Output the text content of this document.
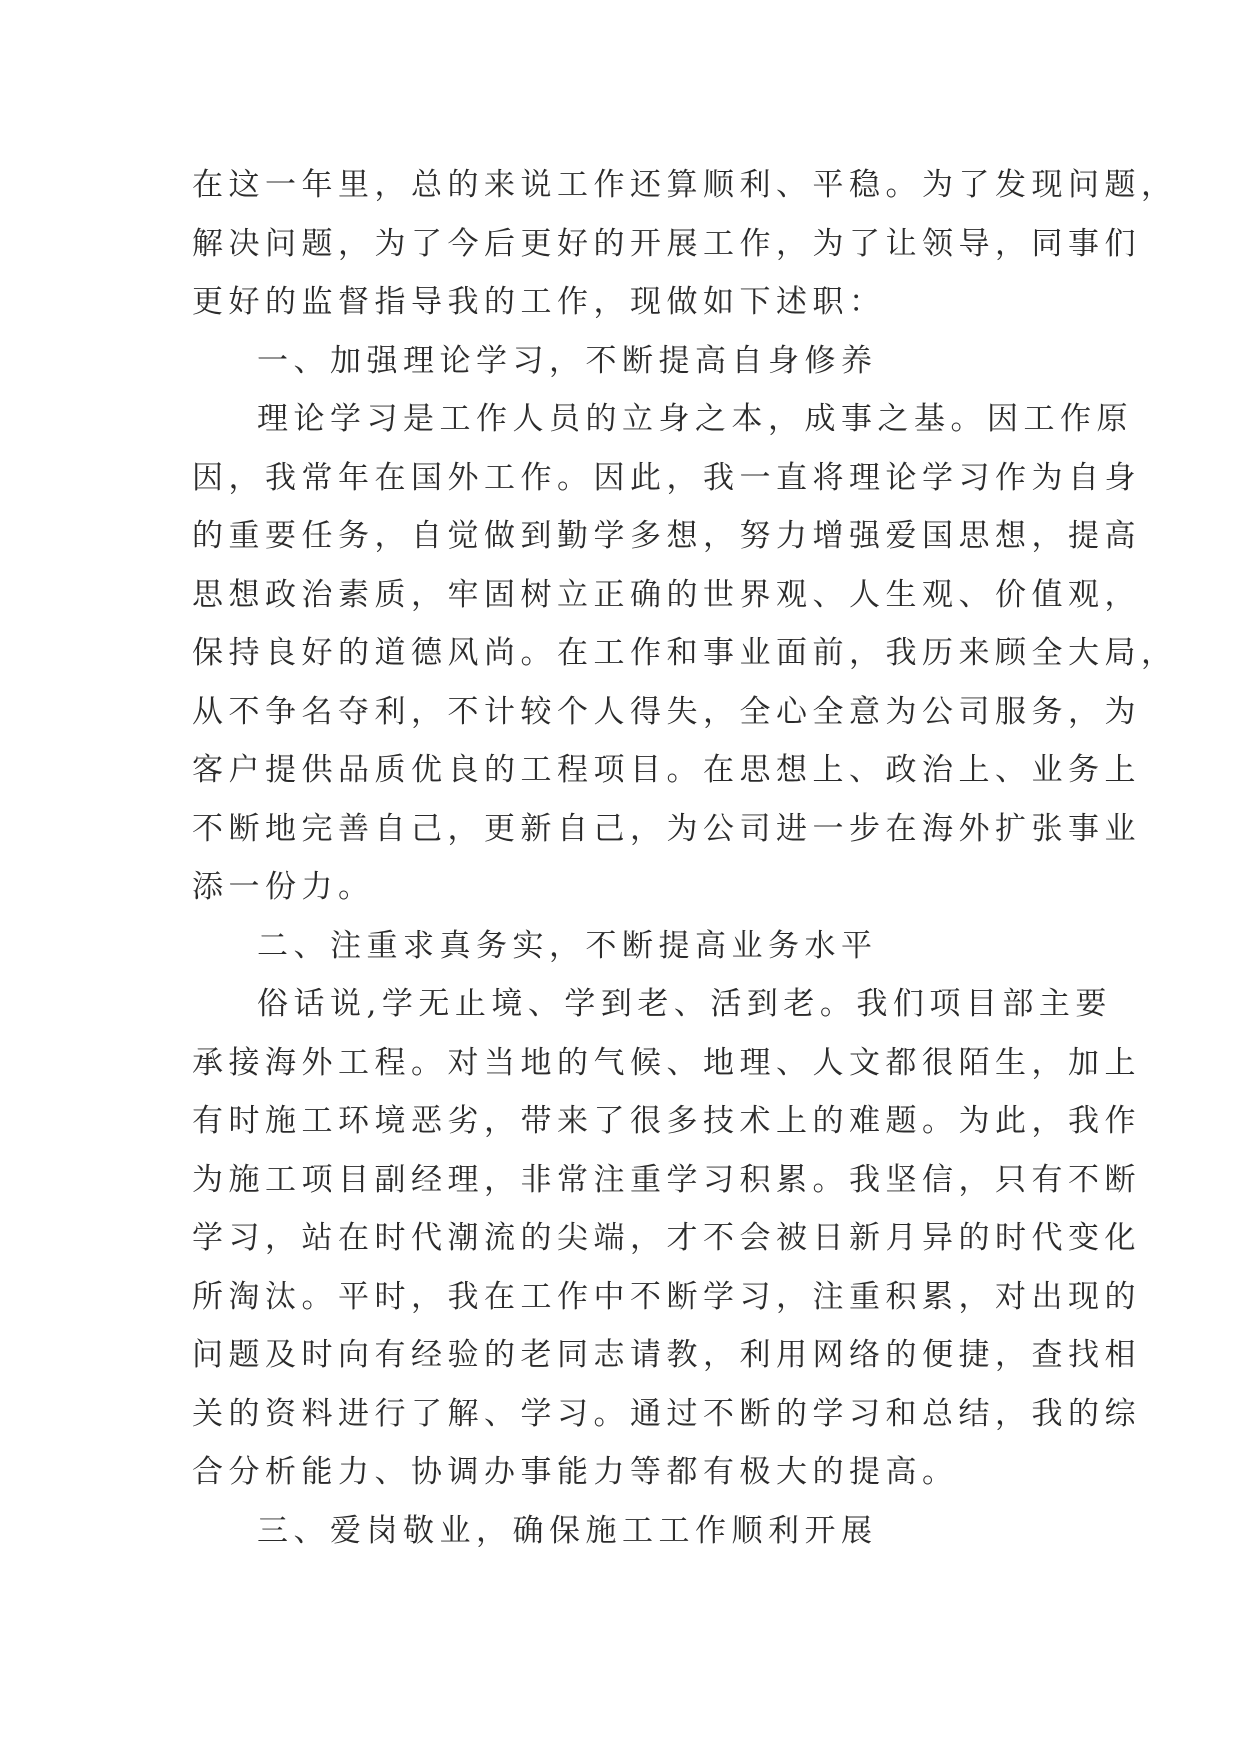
在这一年里，总的来说工作还算顺利、平稳。为了发现问题，
解决问题，为了今后更好的开展工作，为了让领导，同事们
更好的监督指导我的工作，现做如下述职：
一、加强理论学习，不断提高自身修养
理论学习是工作人员的立身之本，成事之基。因工作原
因，我常年在国外工作。因此，我一直将理论学习作为自身
的重要任务，自觉做到勤学多想，努力增强爱国思想，提高
思想政治素质，牢固树立正确的世界观、人生观、价值观，
保持良好的道德风尚。在工作和事业面前，我历来顾全大局，
从不争名夺利，不计较个人得失，全心全意为公司服务，为
客户提供品质优良的工程项目。在思想上、政治上、业务上
不断地完善自己，更新自己，为公司进一步在海外扩张事业
添一份力。
二、注重求真务实，不断提高业务水平
俗话说,学无止境、学到老、活到老。我们项目部主要
承接海外工程。对当地的气候、地理、人文都很陌生，加上
有时施工环境恶劣，带来了很多技术上的难题。为此，我作
为施工项目副经理，非常注重学习积累。我坚信，只有不断
学习，站在时代潮流的尖端，才不会被日新月异的时代变化
所淘汰。平时，我在工作中不断学习，注重积累，对出现的
问题及时向有经验的老同志请教，利用网络的便捷，查找相
关的资料进行了解、学习。通过不断的学习和总结，我的综
合分析能力、协调办事能力等都有极大的提高。
三、爱岗敬业，确保施工工作顺利开展
